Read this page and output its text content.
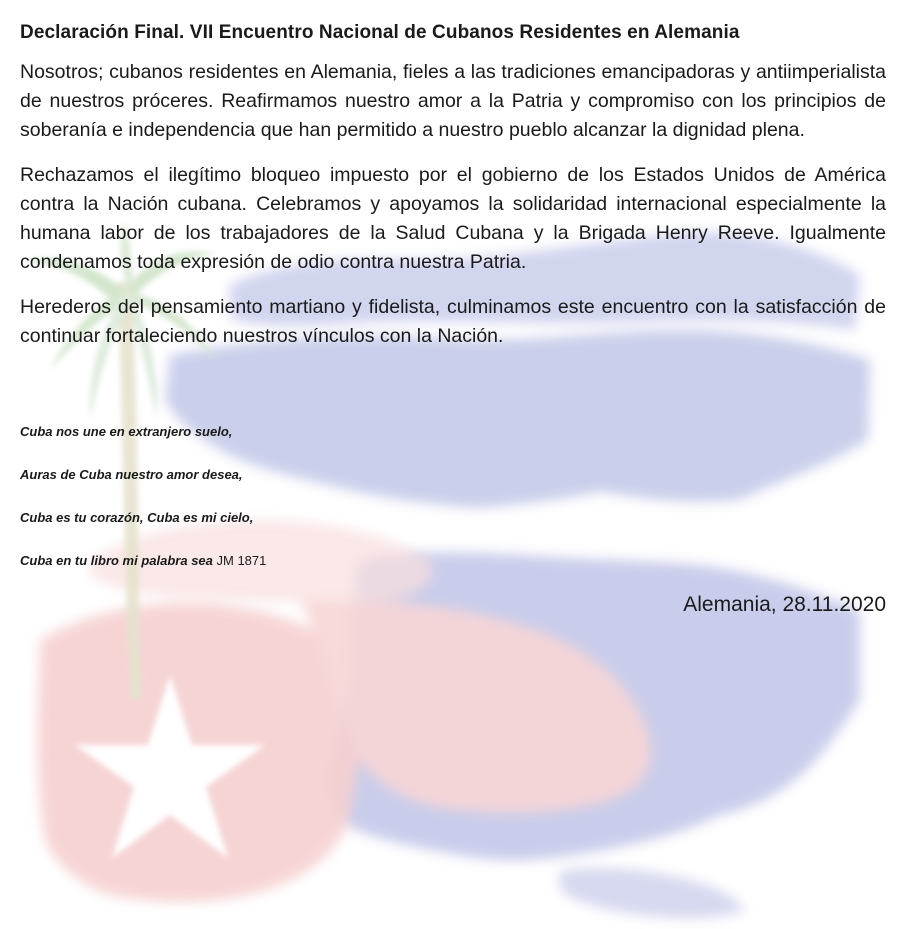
Declaración Final. VII Encuentro Nacional de Cubanos Residentes en Alemania

Nosotros; cubanos residentes en Alemania, fieles a las tradiciones emancipadoras y antiimperialista de nuestros próceres. Reafirmamos nuestro amor a la Patria y compromiso con los principios de soberanía e independencia que han permitido a nuestro pueblo alcanzar la dignidad plena.

Rechazamos el ilegítimo bloqueo impuesto por el gobierno de los Estados Unidos de América contra la Nación cubana. Celebramos y apoyamos la solidaridad internacional especialmente la humana labor de los trabajadores de la Salud Cubana y la Brigada Henry Reeve. Igualmente condenamos toda expresión de odio contra nuestra Patria.

Herederos del pensamiento martiano y fidelista, culminamos este encuentro con la satisfacción de continuar fortaleciendo nuestros vínculos con la Nación.

Cuba nos une en extranjero suelo,
Auras de Cuba nuestro amor desea,
Cuba es tu corazón, Cuba es mi cielo,
Cuba en tu libro mi palabra sea JM 1871
Alemania, 28.11.2020
